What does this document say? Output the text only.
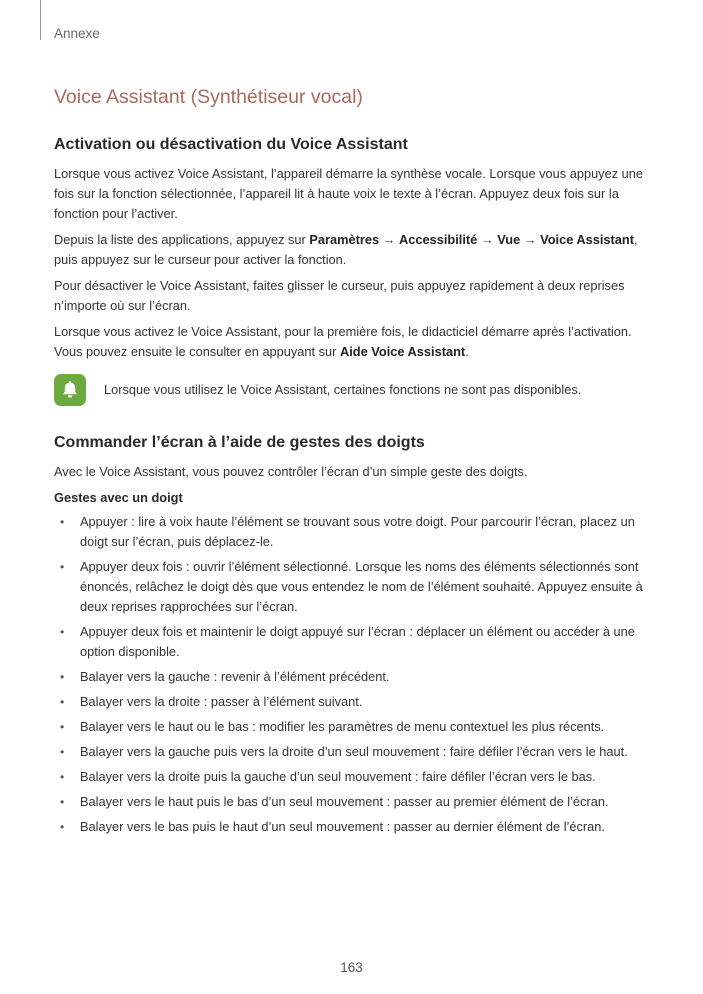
Annexe
Voice Assistant (Synthétiseur vocal)
Activation ou désactivation du Voice Assistant

Lorsque vous activez Voice Assistant, l’appareil démarre la synthèse vocale. Lorsque vous appuyez une fois sur la fonction sélectionnée, l’appareil lit à haute voix le texte à l’écran. Appuyez deux fois sur la fonction pour l’activer.

Depuis la liste des applications, appuyez sur Paramètres → Accessibilité → Vue → Voice Assistant, puis appuyez sur le curseur pour activer la fonction.

Pour désactiver le Voice Assistant, faites glisser le curseur, puis appuyez rapidement à deux reprises n’importe où sur l’écran.

Lorsque vous activez le Voice Assistant, pour la première fois, le didacticiel démarre après l’activation. Vous pouvez ensuite le consulter en appuyant sur Aide Voice Assistant.

Lorsque vous utilisez le Voice Assistant, certaines fonctions ne sont pas disponibles.
Commander l’écran à l’aide de gestes des doigts

Avec le Voice Assistant, vous pouvez contrôler l’écran d’un simple geste des doigts.

Gestes avec un doigt
• Appuyer : lire à voix haute l’élément se trouvant sous votre doigt. Pour parcourir l’écran, placez un doigt sur l’écran, puis déplacez-le.
• Appuyer deux fois : ouvrir l’élément sélectionné. Lorsque les noms des éléments sélectionnés sont énoncés, relâchez le doigt dès que vous entendez le nom de l’élément souhaité. Appuyez ensuite à deux reprises rapprochées sur l’écran.
• Appuyer deux fois et maintenir le doigt appuyé sur l’écran : déplacer un élément ou accéder à une option disponible.
• Balayer vers la gauche : revenir à l’élément précédent.
• Balayer vers la droite : passer à l’élément suivant.
• Balayer vers le haut ou le bas : modifier les paramètres de menu contextuel les plus récents.
• Balayer vers la gauche puis vers la droite d’un seul mouvement : faire défiler l’écran vers le haut.
• Balayer vers la droite puis la gauche d’un seul mouvement : faire défiler l’écran vers le bas.
• Balayer vers le haut puis le bas d’un seul mouvement : passer au premier élément de l’écran.
• Balayer vers le bas puis le haut d’un seul mouvement : passer au dernier élément de l’écran.
163
